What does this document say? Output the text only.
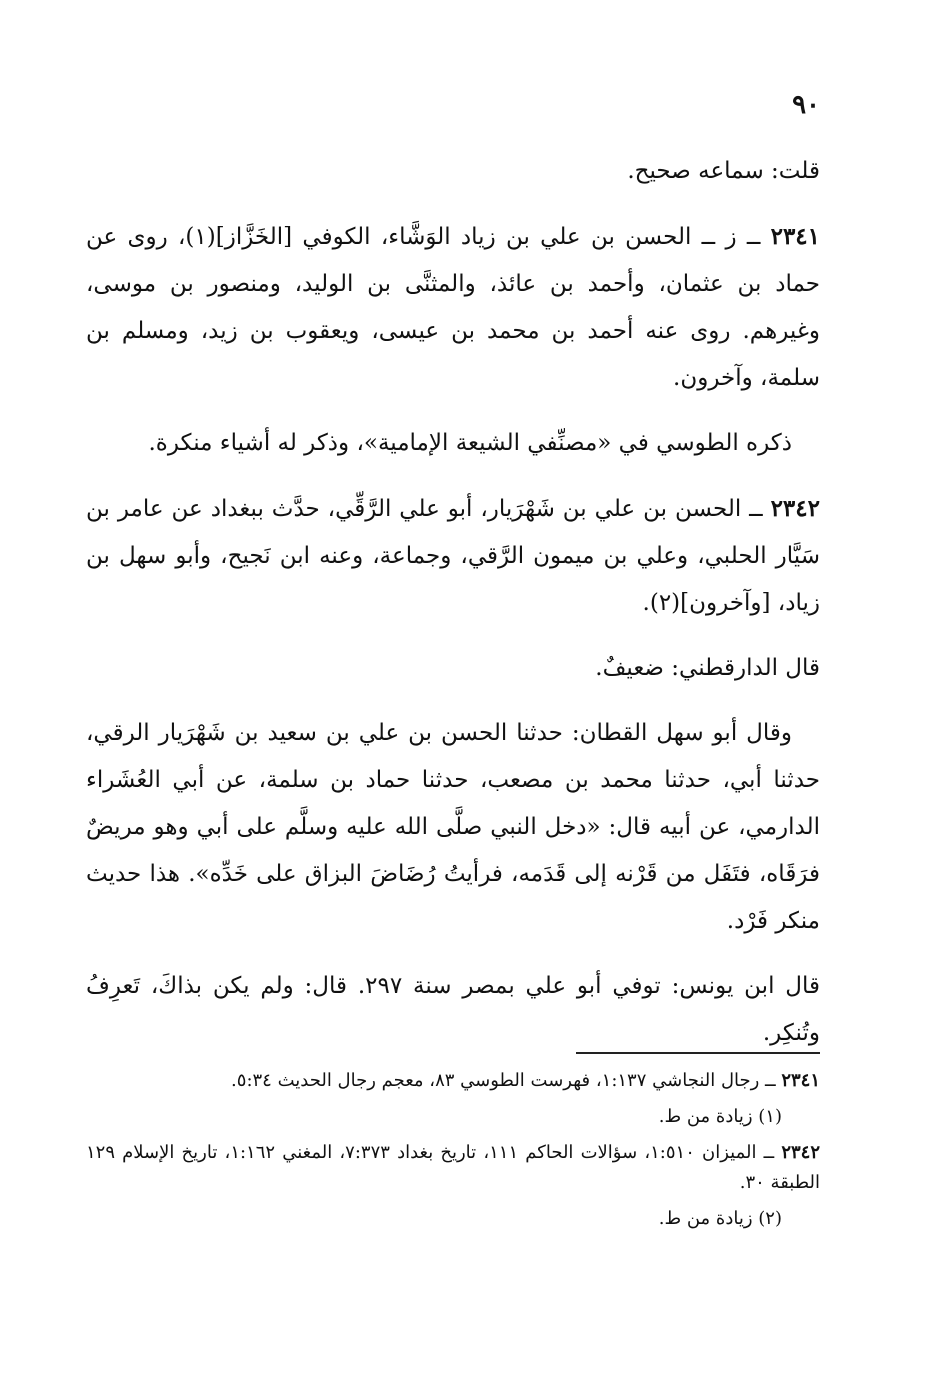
٩٠

قلت: سماعه صحيح.

٢٣٤١ ــ ز ــ الحسن بن علي بن زياد الوَشَّاء، الكوفي [الخَزَّاز](١)، روى عن حماد بن عثمان، وأحمد بن عائذ، والمثنَّى بن الوليد، ومنصور بن موسى، وغيرهم. روى عنه أحمد بن محمد بن عيسى، ويعقوب بن زيد، ومسلم بن سلمة، وآخرون.

ذكره الطوسي في «مصنِّفي الشيعة الإمامية»، وذكر له أشياء منكرة.

٢٣٤٢ ــ الحسن بن علي بن شَهْرَيار، أبو علي الرَّقِّي، حدَّث ببغداد عن عامر بن سَيَّار الحلبي، وعلي بن ميمون الرَّقي، وجماعة، وعنه ابن نَجيح، وأبو سهل بن زياد، [وآخرون](٢).

قال الدارقطني: ضعيفٌ.

وقال أبو سهل القطان: حدثنا الحسن بن علي بن سعيد بن شَهْرَيار الرقي، حدثنا أبي، حدثنا محمد بن مصعب، حدثنا حماد بن سلمة، عن أبي العُشَراء الدارمي، عن أبيه قال: «دخل النبي صلَّى الله عليه وسلَّم على أبي وهو مريضٌ فرَقَاه، فتَفَل من قَرْنه إلى قَدَمه، فرأيتُ رُضَاضَ البزاق على خَدِّه». هذا حديث منكر فَرْد.

قال ابن يونس: توفي أبو علي بمصر سنة ٢٩٧. قال: ولم يكن بذاكَ، تَعرِفُ وتُنكِر.

٢٣٤١ ــ رجال النجاشي ١:١٣٧، فهرست الطوسي ٨٣، معجم رجال الحديث ٥:٣٤.

(١) زيادة من ط.

٢٣٤٢ ــ الميزان ١:٥١٠، سؤالات الحاكم ١١١، تاريخ بغداد ٧:٣٧٣، المغني ١:١٦٢، تاريخ الإسلام ١٢٩ الطبقة ٣٠.

(٢) زيادة من ط.
